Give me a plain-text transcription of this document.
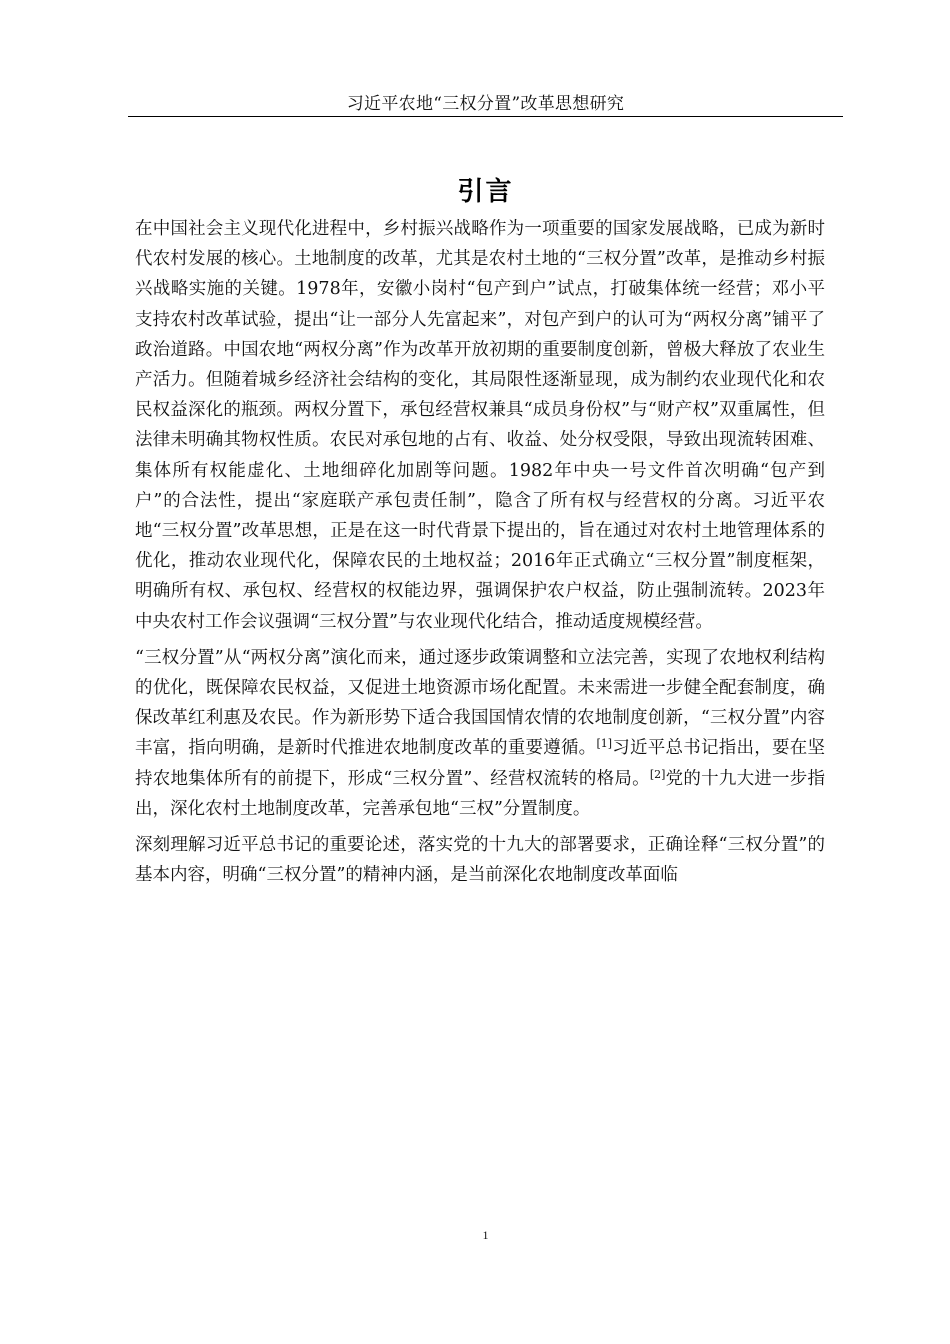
习近平农地“三权分置”改革思想研究
引言

在中国社会主义现代化进程中，乡村振兴战略作为一项重要的国家发展战略，已成为新时代农村发展的核心。土地制度的改革，尤其是农村土地的“三权分置”改革，是推动乡村振兴战略实施的关键。1978年，安徽小岗村“包产到户”试点，打破集体统一经营；邓小平支持农村改革试验，提出“让一部分人先富起来”，对包产到户的认可为“两权分离”铺平了政治道路。中国农地“两权分离”作为改革开放初期的重要制度创新，曾极大释放了农业生产活力。但随着城乡经济社会结构的变化，其局限性逐渐显现，成为制约农业现代化和农民权益深化的瓶颈。两权分置下，承包经营权兼具“成员身份权”与“财产权”双重属性，但法律未明确其物权性质。农民对承包地的占有、收益、处分权受限，导致出现流转困难、集体所有权能虚化、土地细碎化加剧等问题。1982年中央一号文件首次明确“包产到户”的合法性，提出“家庭联产承包责任制”，隐含了所有权与经营权的分离。习近平农地“三权分置”改革思想，正是在这一时代背景下提出的，旨在通过对农村土地管理体系的优化，推动农业现代化，保障农民的土地权益；2016年正式确立“三权分置”制度框架，明确所有权、承包权、经营权的权能边界，强调保护农户权益，防止强制流转。2023年中央农村工作会议强调“三权分置”与农业现代化结合，推动适度规模经营。

“三权分置”从“两权分离”演化而来，通过逐步政策调整和立法完善，实现了农地权利结构的优化，既保障农民权益，又促进土地资源市场化配置。未来需进一步健全配套制度，确保改革红利惠及农民。作为新形势下适合我国国情农情的农地制度创新，“三权分置”内容丰富，指向明确，是新时代推进农地制度改革的重要遵循。[1]习近平总书记指出，要在坚持农地集体所有的前提下，形成“三权分置”、经营权流转的格局。[2]党的十九大进一步指出，深化农村土地制度改革，完善承包地“三权”分置制度。

深刻理解习近平总书记的重要论述，落实党的十九大的部署要求，正确诠释“三权分置”的基本内容，明确“三权分置”的精神内涵，是当前深化农地制度改革面临

1
